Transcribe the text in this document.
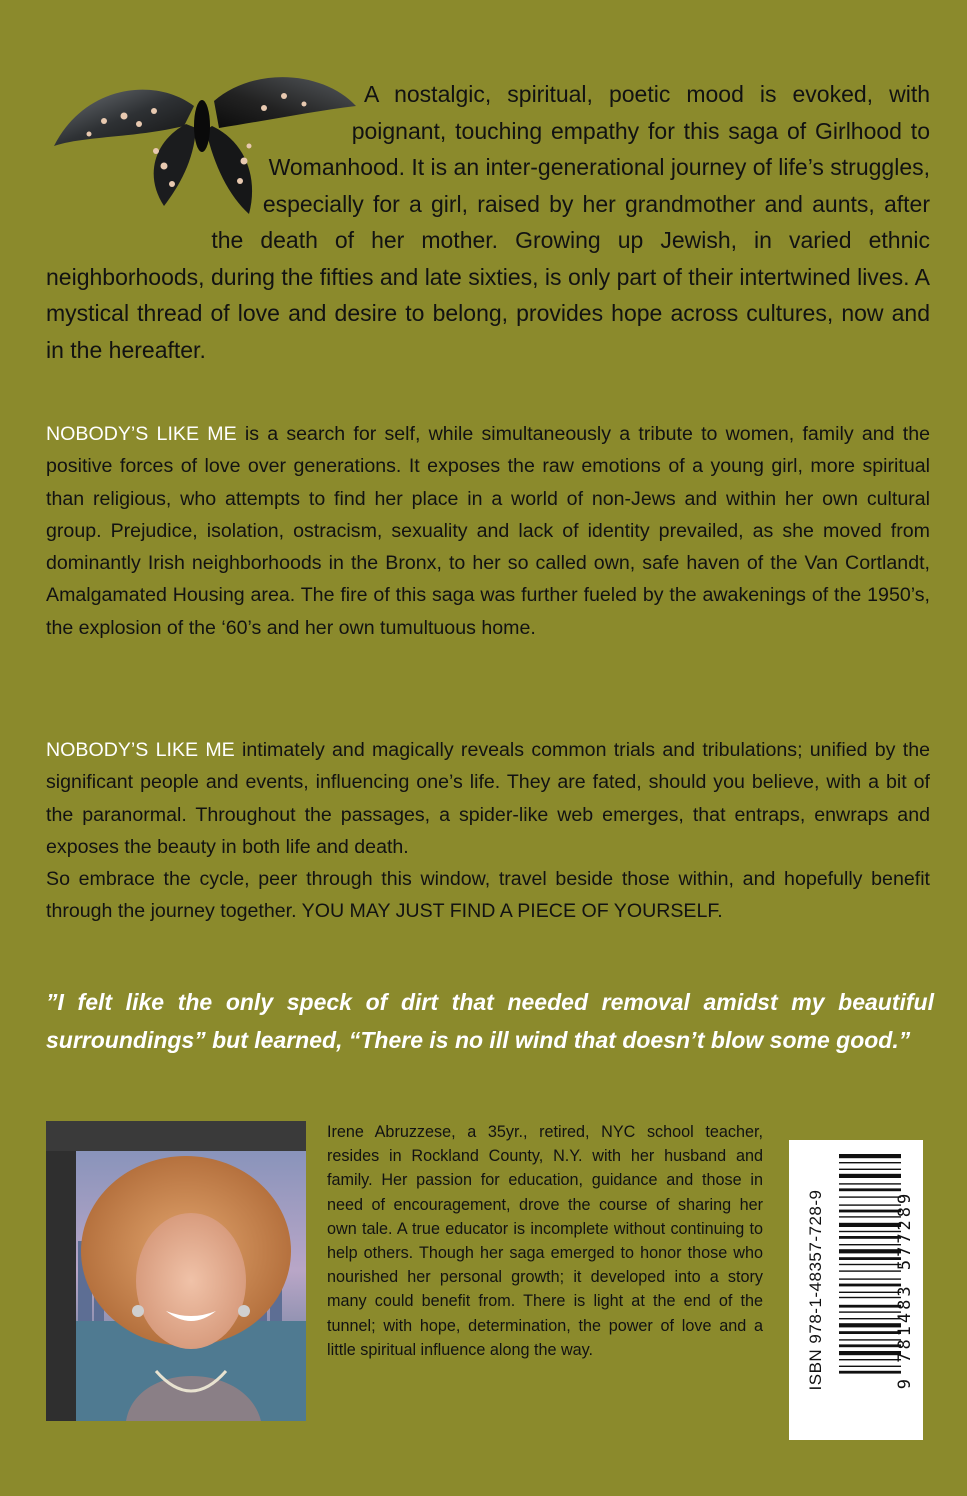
A nostalgic, spiritual, poetic mood is evoked, with poignant, touching empathy for this saga of Girlhood to Womanhood. It is an inter-generational journey of life’s struggles, especially for a girl, raised by her grandmother and aunts, after the death of her mother. Growing up Jewish, in varied ethnic neighborhoods, during the fifties and late sixties, is only part of their intertwined lives. A mystical thread of love and desire to belong, provides hope across cultures, now and in the hereafter.
NOBODY’S LIKE ME is a search for self, while simultaneously a tribute to women, family and the positive forces of love over generations. It exposes the raw emotions of a young girl, more spiritual than religious, who attempts to find her place in a world of non-Jews and within her own cultural group. Prejudice, isolation, ostracism, sexuality and lack of identity prevailed, as she moved from dominantly Irish neighborhoods in the Bronx, to her so called own, safe haven of the Van Cortlandt, Amalgamated Housing area. The fire of this saga was further fueled by the awakenings of the 1950’s, the explosion of the ‘60’s and her own tumultuous home.
NOBODY’S LIKE ME intimately and magically reveals common trials and tribulations; unified by the significant people and events, influencing one’s life. They are fated, should you believe, with a bit of the paranormal. Throughout the passages, a spider-like web emerges, that entraps, enwraps and exposes the beauty in both life and death.
So embrace the cycle, peer through this window, travel beside those within, and hopefully benefit through the journey together. YOU MAY JUST FIND A PIECE OF YOURSELF.
”I felt like the only speck of dirt that needed removal amidst my beautiful surroundings” but learned, “There is no ill wind that doesn’t blow some good.”
Irene Abruzzese, a 35yr., retired, NYC school teacher, resides in Rockland County, N.Y. with her husband and family. Her passion for education, guidance and those in need of encouragement, drove the course of sharing her own tale. A true educator is incomplete without continuing to help others. Though her saga emerged to honor those who nourished her personal growth; it developed into a story many could benefit from. There is light at the end of the tunnel; with hope, determination, the power of love and a little spiritual influence along the way.	ISBN 978-1-48357-728-9	9 781483 577289
